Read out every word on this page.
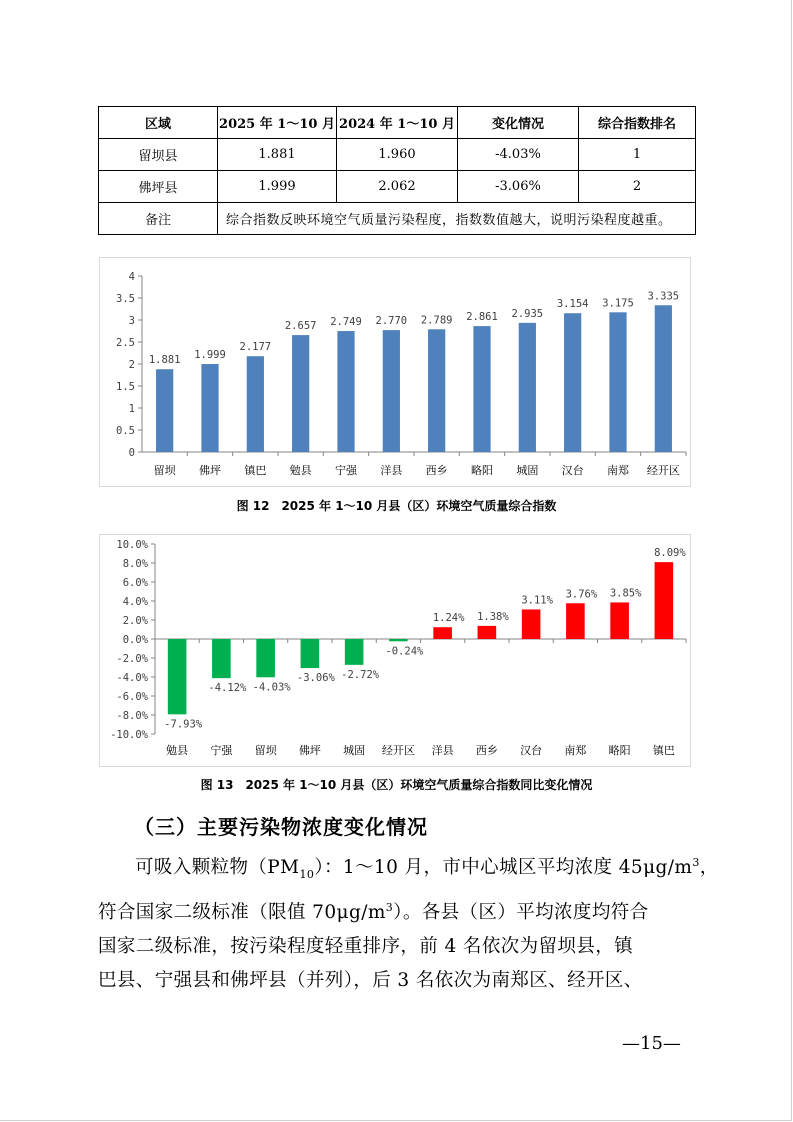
区域	2025 年 1～10 月	2024 年 1～10 月	变化情况	综合指数排名
留坝县	1.881	1.960	-4.03%	1
佛坪县	1.999	2.062	-3.06%	2
备注	综合指数反映环境空气质量污染程度，指数数值越大，说明污染程度越重。			
0
0.5
1
1.5
2
2.5
3
3.5
4
1.881
留坝
1.999
佛坪
2.177
镇巴
2.657
勉县
2.749
宁强
2.770
洋县
2.789
西乡
2.861
略阳
2.935
城固
3.154
汉台
3.175
南郑
3.335
经开区
图 12　2025 年 1～10 月县（区）环境空气质量综合指数
-10.0%
-8.0%
-6.0%
-4.0%
-2.0%
0.0%
2.0%
4.0%
6.0%
8.0%
10.0%
-7.93%
勉县
-4.12%
宁强
-4.03%
留坝
-3.06%
佛坪
-2.72%
城固
-0.24%
经开区
1.24%
洋县
1.38%
西乡
3.11%
汉台
3.76%
南郑
3.85%
略阳
8.09%
镇巴
图 13　2025 年 1～10 月县（区）环境空气质量综合指数同比变化情况
（三）主要污染物浓度变化情况

可吸入颗粒物$(PM_{10})$：1～10 月，市中心城区平均浓度 $45\mu g/m^3$，

符合国家二级标准（限值 $70\mu g/m^3$）。各县（区）平均浓度均符合

国家二级标准，按污染程度轻重排序，前 4 名依次为留坝县，镇

巴县、宁强县和佛坪县（并列），后 3 名依次为南郑区、经开区、

—15—
